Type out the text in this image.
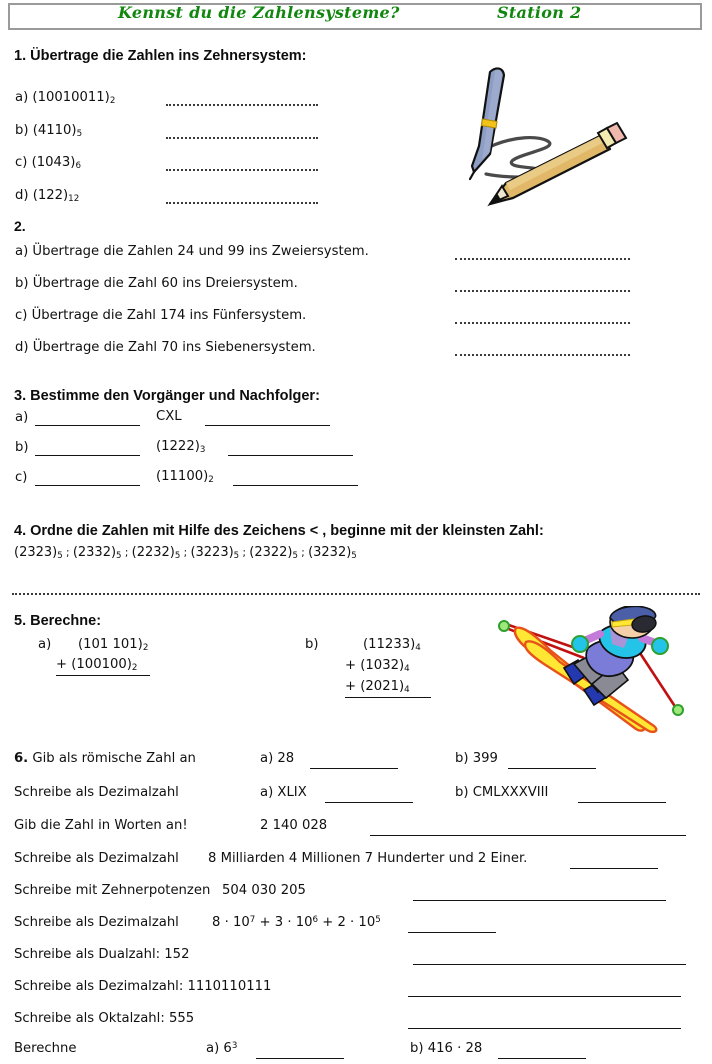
Kennst du die Zahlensysteme?	Station 2
1. Übertrage die Zahlen ins Zehnersystem:
a) $(10010011)_2$
b) $(4110)_5$
c) $(1043)_6$
d) $(122)_{12}$
2.
a) Übertrage die Zahlen 24 und 99 ins Zweiersystem.
b) Übertrage die Zahl 60 ins Dreiersystem.
c) Übertrage die Zahl 174 ins Fünfersystem.
d) Übertrage die Zahl 70 ins Siebenersystem.
3. Bestimme den Vorgänger und Nachfolger:
a)	CXL
b)	$(1222)_3$
c)	$(11100)_2$
4. Ordne die Zahlen mit Hilfe des Zeichens < , beginne mit der kleinsten Zahl:
$(2323)_5$ ; $(2332)_5$ ; $(2232)_5$ ; $(3223)_5$ ; $(2322)_5$ ; $(3232)_5$
5. Berechne:
a) (101 $101)_2$
+ $(100100)_2$
b)	$(11233)_4$
+ $(1032)_4$
+ $(2021)_4$
6. Gib als römische Zahl an	a) 28	b) 399
Schreibe als Dezimalzahl	a) XLIX	b) CMLXXXVIII
Gib die Zahl in Worten an!	2 140 028
Schreibe als Dezimalzahl 8 Milliarden 4 Millionen 7 Hunderter und 2 Einer.
Schreibe mit Zehnerpotenzen 504 030 205
Schreibe als Dezimalzahl	$8 \cdot 10^7 + 3 \cdot 10^6 + 2 \cdot 10^5$
Schreibe als Dualzahl: 152
Schreibe als Dezimalzahl: 1110110111
Schreibe als Oktalzahl: 555
Berechne	a) $6^3$	b) 416 · 28
